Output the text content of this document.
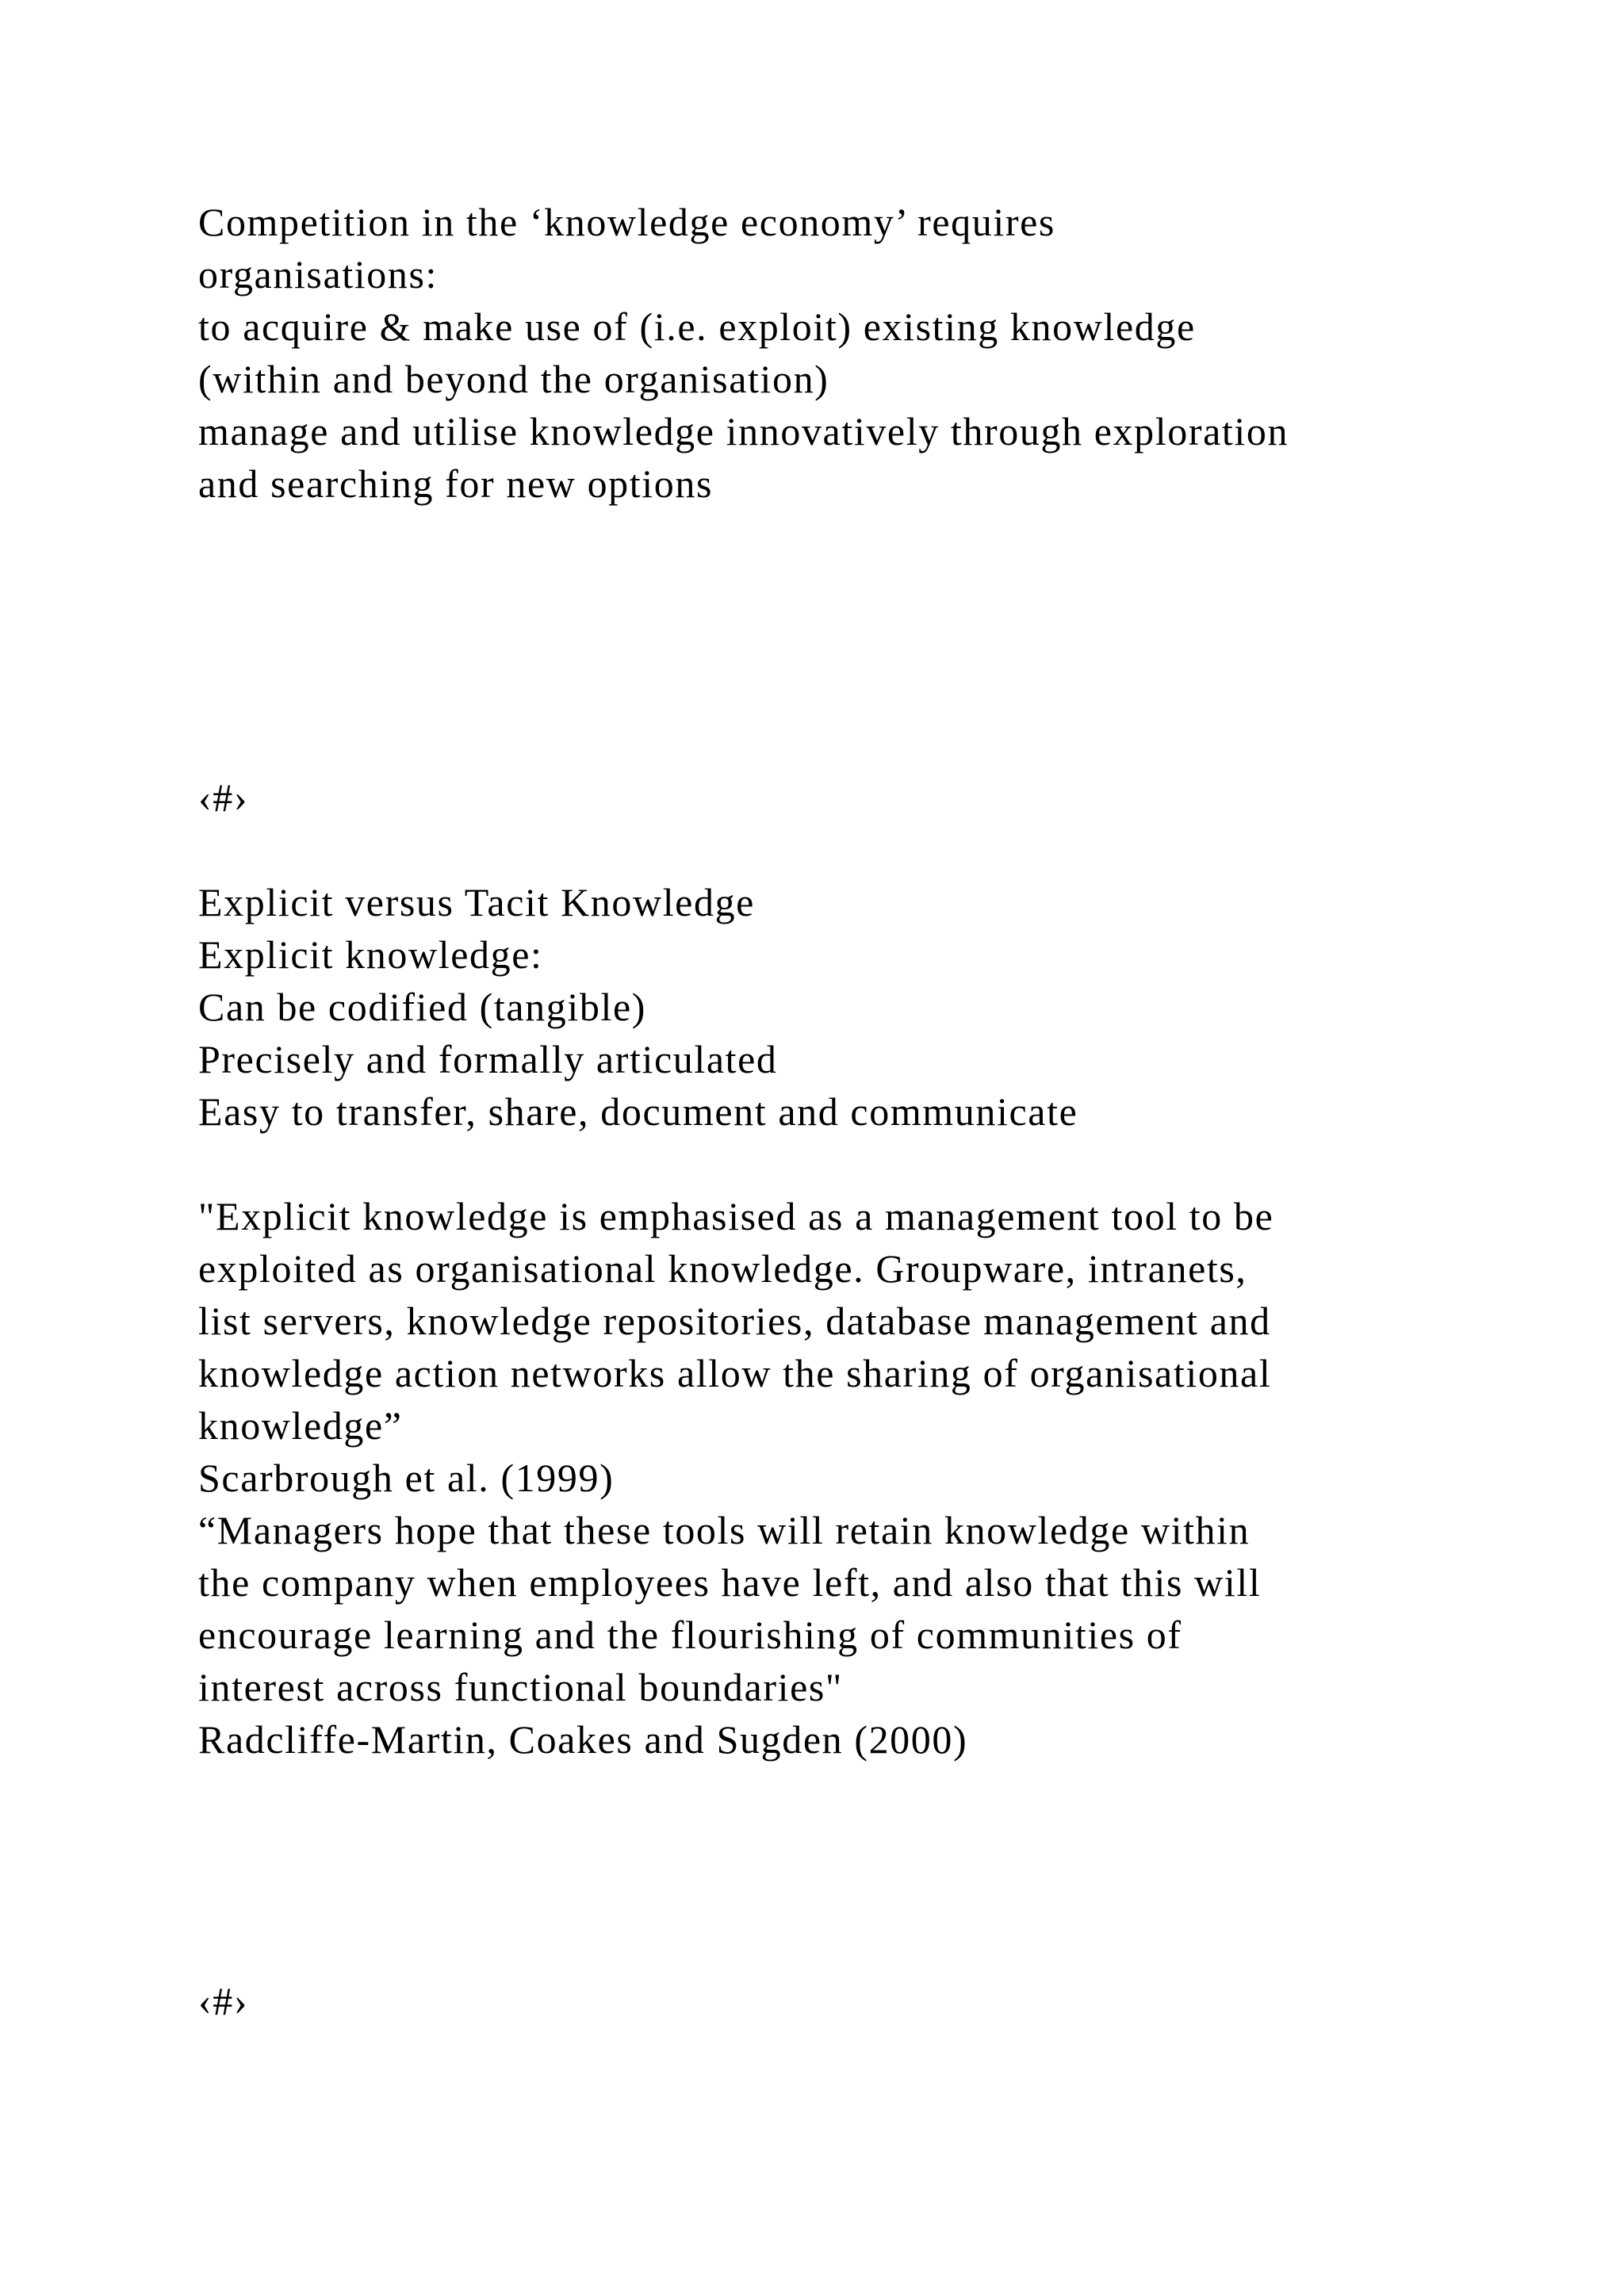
Competition in the ‘knowledge economy’ requires
organisations:
to acquire & make use of (i.e. exploit) existing knowledge
(within and beyond the organisation)
manage and utilise knowledge innovatively through exploration
and searching for new options
‹#›
Explicit versus Tacit Knowledge
Explicit knowledge:
Can be codified (tangible)
Precisely and formally articulated
Easy to transfer, share, document and communicate
"Explicit knowledge is emphasised as a management tool to be
exploited as organisational knowledge. Groupware, intranets,
list servers, knowledge repositories, database management and
knowledge action networks allow the sharing of organisational
knowledge”
Scarbrough et al. (1999)
“Managers hope that these tools will retain knowledge within
the company when employees have left, and also that this will
encourage learning and the flourishing of communities of
interest across functional boundaries"
Radcliffe-Martin, Coakes and Sugden (2000)
‹#›
